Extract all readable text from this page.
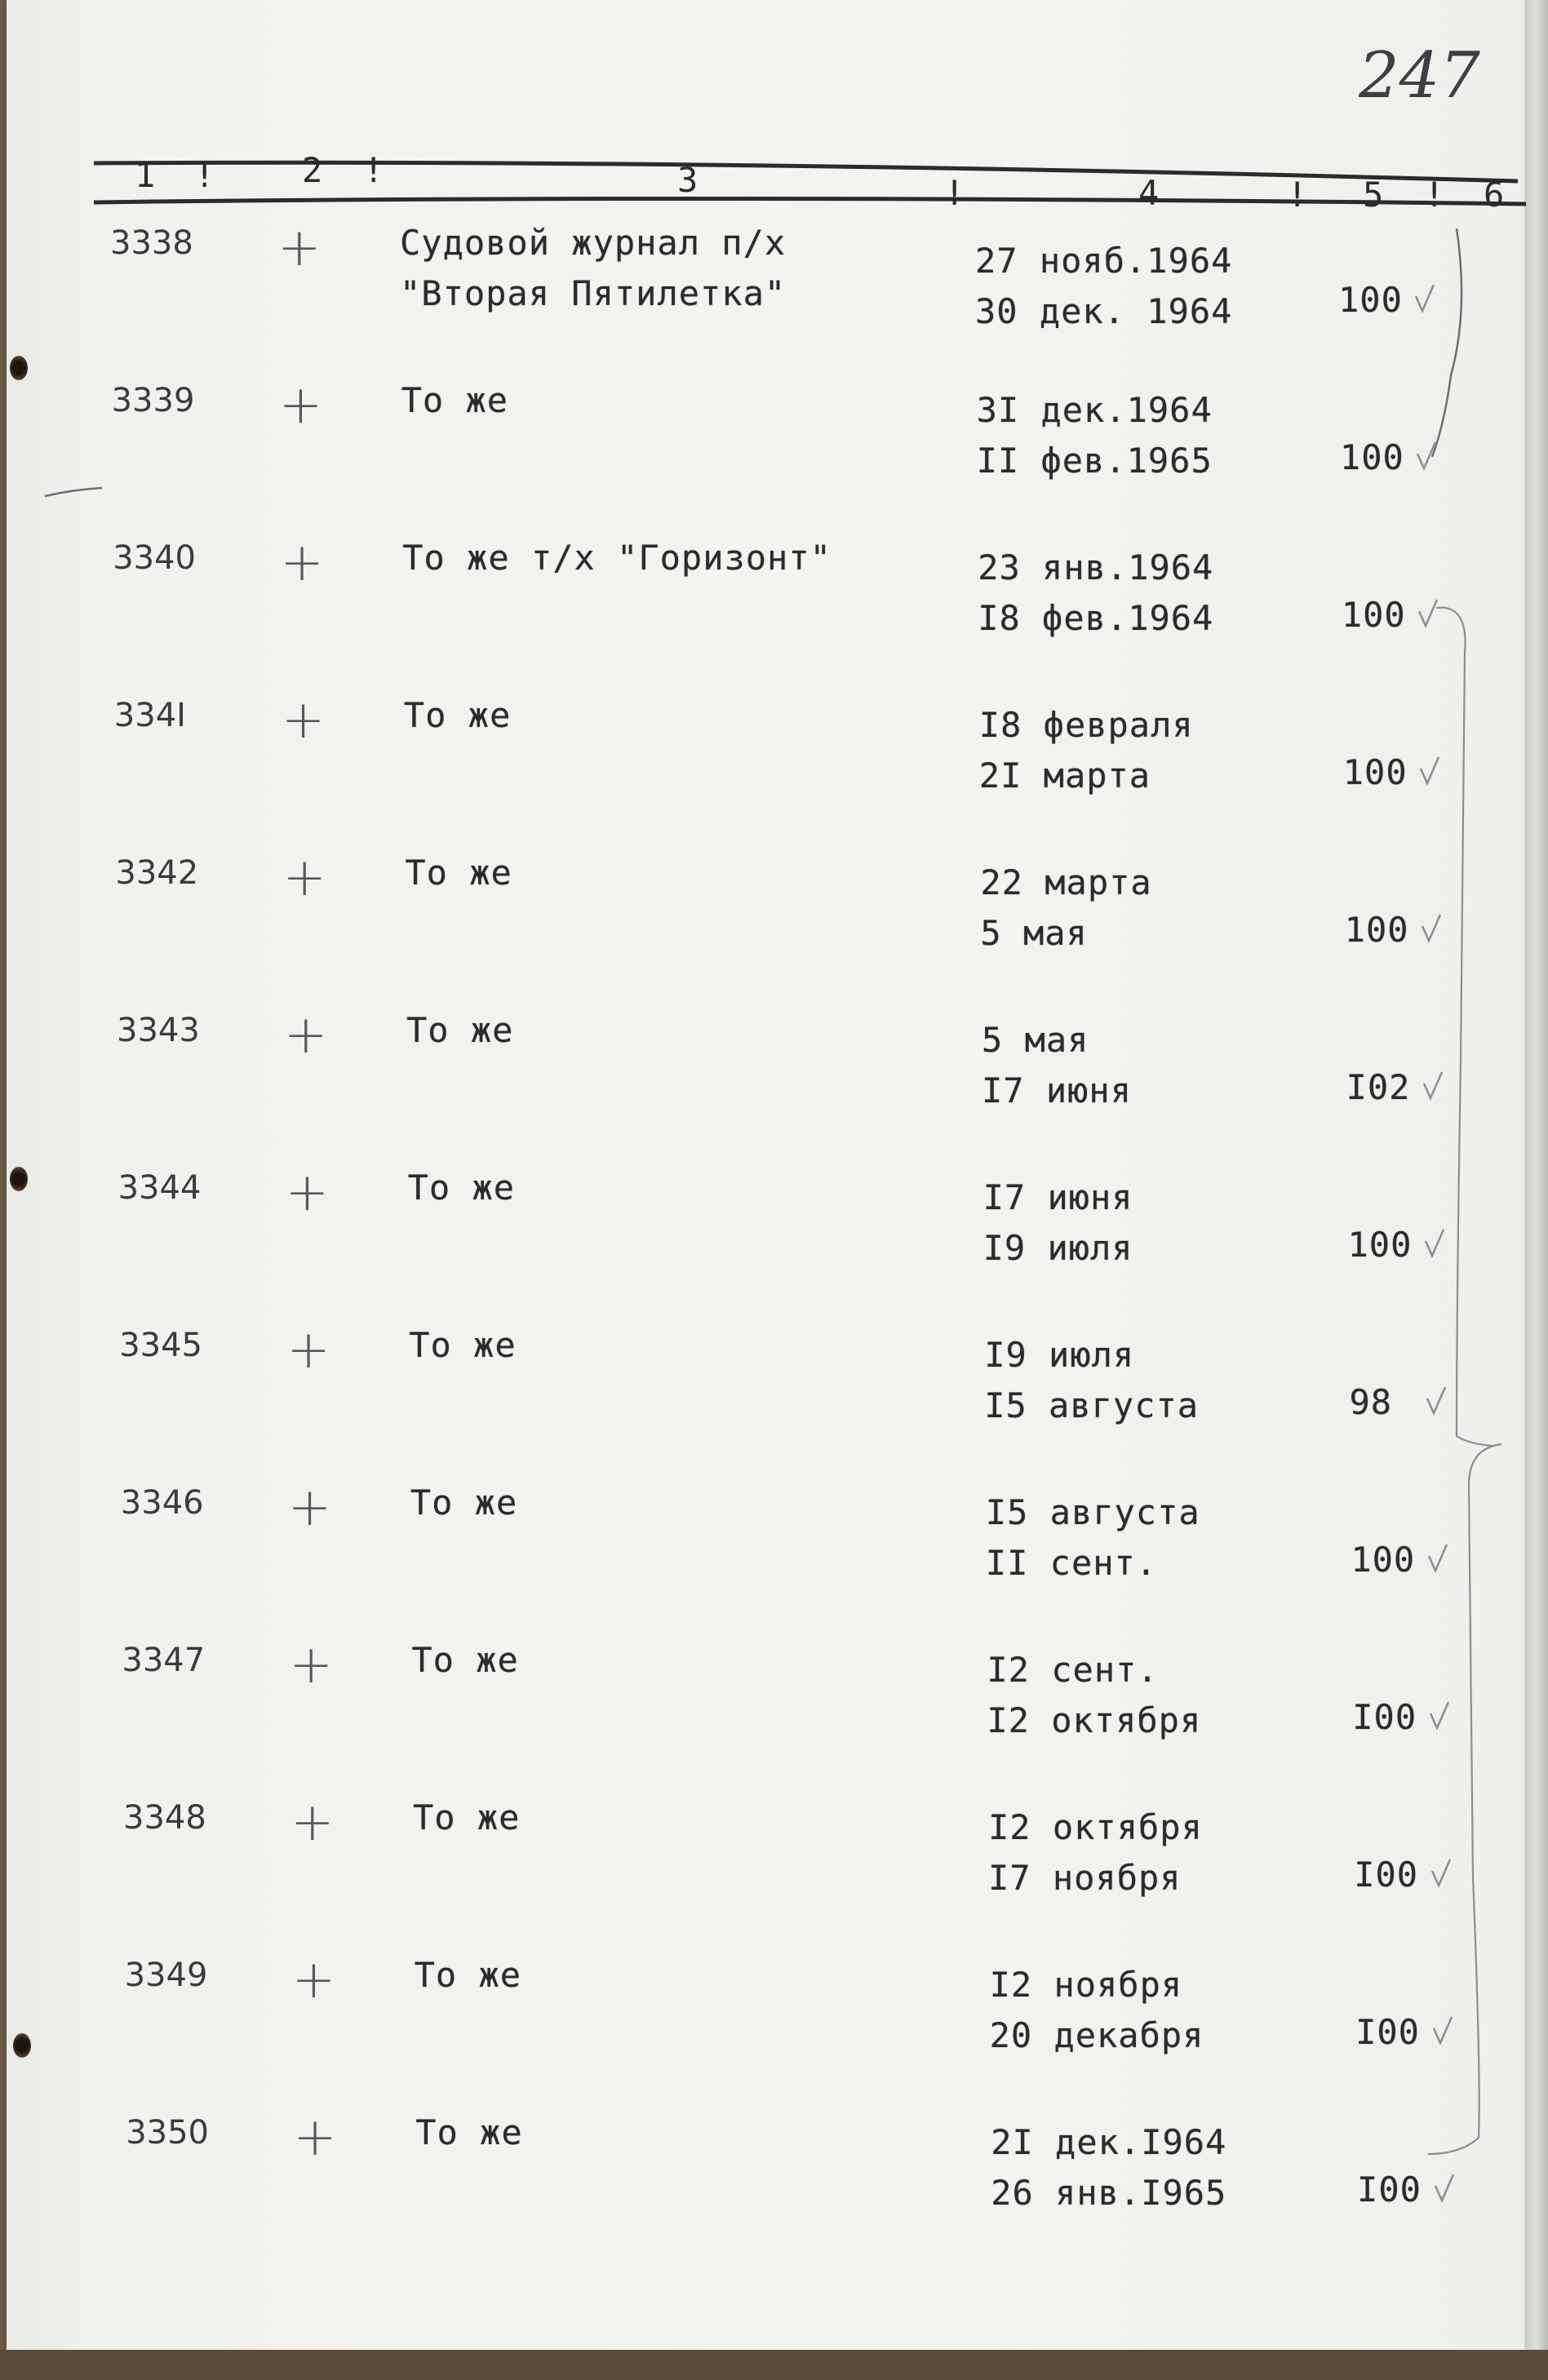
247
1 !	2 !	3	!	4	! 5 ! 6
3338 + Судовой журнал п/х
"Вторая Пятилетка"
27 нояб.1964
30 дек. 1964	100
3339 + То же	3I дек.1964
II фев.1965	100
3340 + То же т/х "Горизонт"	23 янв.1964
I8 фев.1964	100
334I + То же	I8 февраля
2I марта	100
3342 + То же	22 марта
5 мая	100
3343 + То же	5 мая
I7 июня	I02
3344 + То же	I7 июня
I9 июля	100
3345 + То же	I9 июля
I5 августа	98
3346 + То же	I5 августа
II сент.	100
3347 + То же	I2 сент.
I2 октября	I00
3348 + То же	I2 октября
I7 ноября	I00
3349 + То же	I2 ноября
20 декабря	I00
3350 + То же	2I дек.I964
26 янв.I965	I00
